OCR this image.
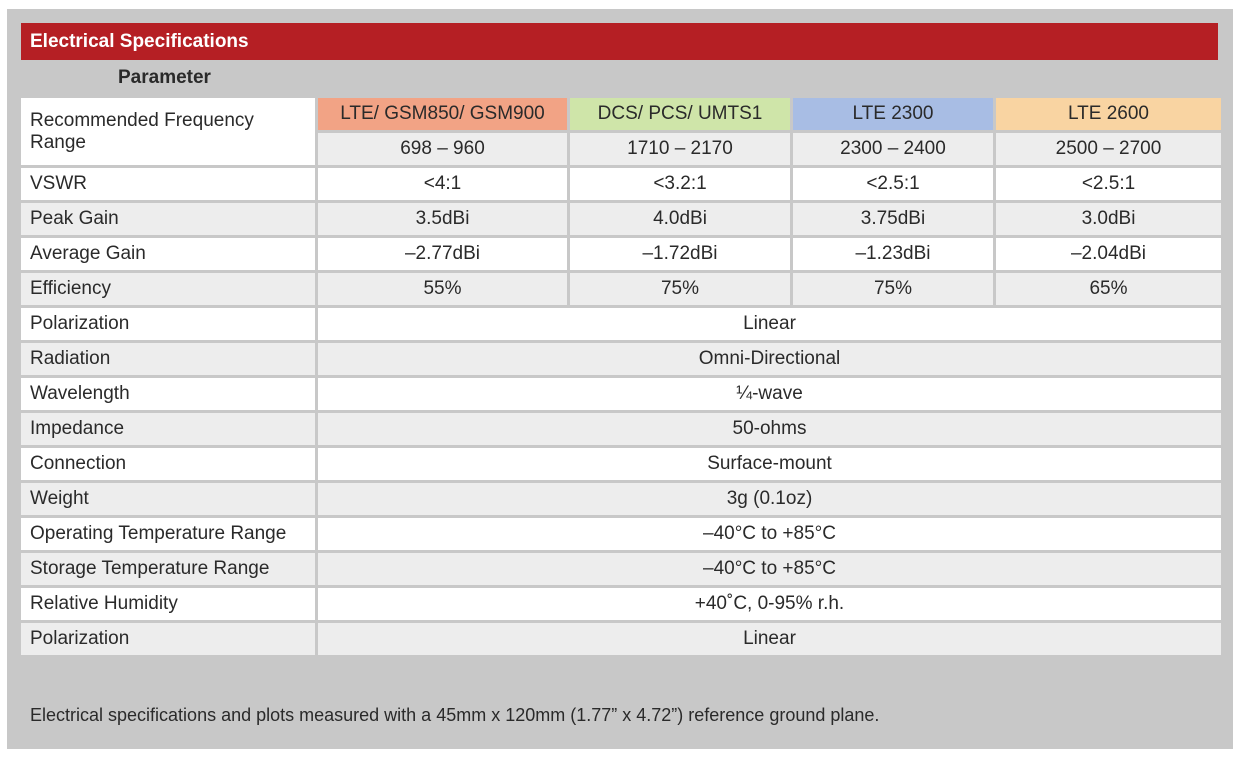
Electrical Specifications
Parameter
Recommended Frequency Range	LTE/ GSM850/ GSM900	DCS/ PCS/ UMTS1	LTE 2300	LTE 2600
	698 – 960	1710 – 2170	2300 – 2400	2500 – 2700
VSWR	<4:1	<3.2:1	<2.5:1	<2.5:1
Peak Gain	3.5dBi	4.0dBi	3.75dBi	3.0dBi
Average Gain	–2.77dBi	–1.72dBi	–1.23dBi	–2.04dBi
Efficiency	55%	75%	75%	65%
Polarization	Linear			
Radiation	Omni-Directional			
Wavelength	¼-wave			
Impedance	50-ohms			
Connection	Surface-mount			
Weight	3g (0.1oz)			
Operating Temperature Range	–40°C to +85°C			
Storage Temperature Range	–40°C to +85°C			
Relative Humidity	+40˚C, 0-95% r.h.			
Polarization	Linear			
Electrical specifications and plots measured with a 45mm x 120mm (1.77” x 4.72”) reference ground plane.
